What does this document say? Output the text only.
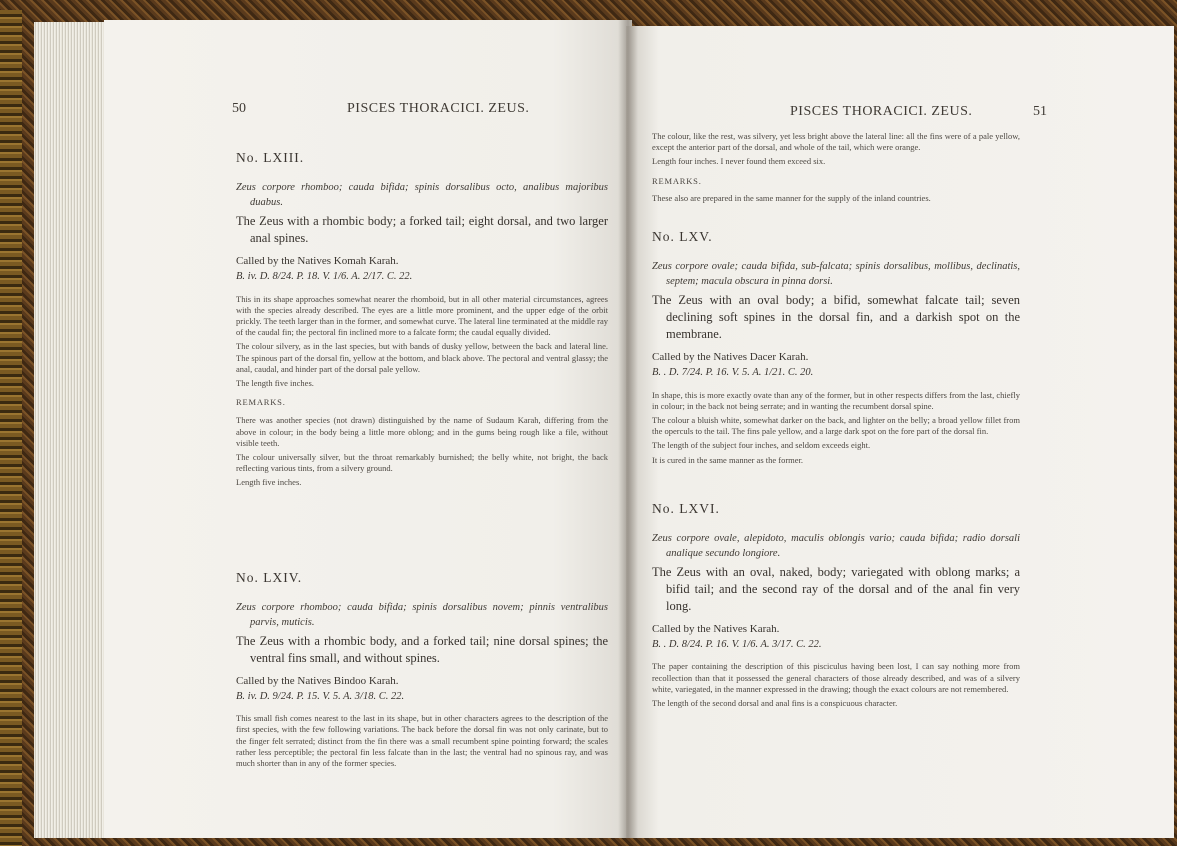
50	PISCES THORACICI. ZEUS.

No. LXIII.

Zeus corpore rhomboo; cauda bifida; spinis dorsalibus octo, analibus majoribus duabus.

The Zeus with a rhombic body; a forked tail; eight dorsal, and two larger anal spines.

Called by the Natives Komah Karah.

B. iv. D. 8/24. P. 18. V. 1/6. A. 2/17. C. 22.

This in its shape approaches somewhat nearer the rhomboid, but in all other material circumstances, agrees with the species already described. The eyes are a little more prominent, and the upper edge of the orbit prickly. The teeth larger than in the former, and somewhat curve. The lateral line terminated at the middle ray of the caudal fin; the pectoral fin inclined more to a falcate form; the caudal equally divided.

The colour silvery, as in the last species, but with bands of dusky yellow, between the back and lateral line. The spinous part of the dorsal fin, yellow at the bottom, and black above. The pectoral and ventral glassy; the anal, caudal, and hinder part of the dorsal pale yellow.

The length five inches.

REMARKS.

There was another species (not drawn) distinguished by the name of Sudaum Karah, differing from the above in colour; in the body being a little more oblong; and in the gums being rough like a file, without visible teeth.

The colour universally silver, but the throat remarkably burnished; the belly white, not bright, the back reflecting various tints, from a silvery ground.

Length five inches.

No. LXIV.

Zeus corpore rhomboo; cauda bifida; spinis dorsalibus novem; pinnis ventralibus parvis, muticis.

The Zeus with a rhombic body, and a forked tail; nine dorsal spines; the ventral fins small, and without spines.

Called by the Natives Bindoo Karah.

B. iv. D. 9/24. P. 15. V. 5. A. 3/18. C. 22.

This small fish comes nearest to the last in its shape, but in other characters agrees to the description of the first species, with the few following variations. The back before the dorsal fin was not only carinate, but to the finger felt serrated; distinct from the fin there was a small recumbent spine pointing forward; the scales rather less perceptible; the pectoral fin less falcate than in the last; the ventral had no spinous ray, and was much shorter than in any of the former species.

PISCES THORACICI. ZEUS.	51

The colour, like the rest, was silvery, yet less bright above the lateral line: all the fins were of a pale yellow, except the anterior part of the dorsal, and whole of the tail, which were orange.

Length four inches. I never found them exceed six.

REMARKS.

These also are prepared in the same manner for the supply of the inland countries.

No. LXV.

Zeus corpore ovale; cauda bifida, sub-falcata; spinis dorsalibus, mollibus, declinatis, septem; macula obscura in pinna dorsi.

The Zeus with an oval body; a bifid, somewhat falcate tail; seven declining soft spines in the dorsal fin, and a darkish spot on the membrane.

Called by the Natives Dacer Karah.

B. . D. 7/24. P. 16. V. 5. A. 1/21. C. 20.

In shape, this is more exactly ovate than any of the former, but in other respects differs from the last, chiefly in colour; in the back not being serrate; and in wanting the recumbent dorsal spine.

The colour a bluish white, somewhat darker on the back, and lighter on the belly; a broad yellow fillet from the operculs to the tail. The fins pale yellow, and a large dark spot on the fore part of the dorsal fin.

The length of the subject four inches, and seldom exceeds eight.

It is cured in the same manner as the former.

No. LXVI.

Zeus corpore ovale, alepidoto, maculis oblongis vario; cauda bifida; radio dorsali analique secundo longiore.

The Zeus with an oval, naked, body; variegated with oblong marks; a bifid tail; and the second ray of the dorsal and of the anal fin very long.

Called by the Natives Karah.

B. . D. 8/24. P. 16. V. 1/6. A. 3/17. C. 22.

The paper containing the description of this pisciculus having been lost, I can say nothing more from recollection than that it possessed the general characters of those already described, and was of a silvery white, variegated, in the manner expressed in the drawing; though the exact colours are not remembered.

The length of the second dorsal and anal fins is a conspicuous character.
